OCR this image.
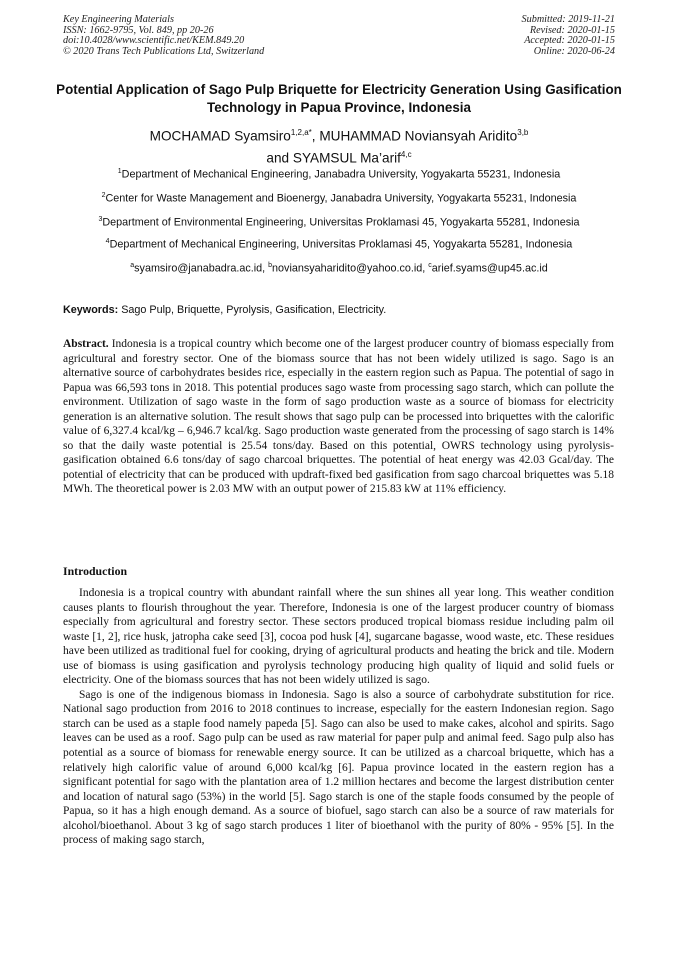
Key Engineering Materials
ISSN: 1662-9795, Vol. 849, pp 20-26
doi:10.4028/www.scientific.net/KEM.849.20
© 2020 Trans Tech Publications Ltd, Switzerland
Submitted: 2019-11-21
Revised: 2020-01-15
Accepted: 2020-01-15
Online: 2020-06-24
Potential Application of Sago Pulp Briquette for Electricity Generation Using Gasification Technology in Papua Province, Indonesia
MOCHAMAD Syamsiro$^{1,2,a*}$, MUHAMMAD Noviansyah Aridito$^{3,b}$
and SYAMSUL Ma’arif$^{4,c}$
$^1$Department of Mechanical Engineering, Janabadra University, Yogyakarta 55231, Indonesia
$^2$Center for Waste Management and Bioenergy, Janabadra University, Yogyakarta 55231, Indonesia
$^3$Department of Environmental Engineering, Universitas Proklamasi 45, Yogyakarta 55281, Indonesia
$^4$Department of Mechanical Engineering, Universitas Proklamasi 45, Yogyakarta 55281, Indonesia
$^a$syamsiro@janabadra.ac.id, $^b$noviansyaharidito@yahoo.co.id, $^c$arief.syams@up45.ac.id
Keywords: Sago Pulp, Briquette, Pyrolysis, Gasification, Electricity.
Abstract. Indonesia is a tropical country which become one of the largest producer country of biomass especially from agricultural and forestry sector. One of the biomass source that has not been widely utilized is sago. Sago is an alternative source of carbohydrates besides rice, especially in the eastern region such as Papua. The potential of sago in Papua was 66,593 tons in 2018. This potential produces sago waste from processing sago starch, which can pollute the environment. Utilization of sago waste in the form of sago production waste as a source of biomass for electricity generation is an alternative solution. The result shows that sago pulp can be processed into briquettes with the calorific value of 6,327.4 kcal/kg – 6,946.7 kcal/kg. Sago production waste generated from the processing of sago starch is 14% so that the daily waste potential is 25.54 tons/day. Based on this potential, OWRS technology using pyrolysis-gasification obtained 6.6 tons/day of sago charcoal briquettes. The potential of heat energy was 42.03 Gcal/day. The potential of electricity that can be produced with updraft-fixed bed gasification from sago charcoal briquettes was 5.18 MWh. The theoretical power is 2.03 MW with an output power of 215.83 kW at 11% efficiency.
Introduction

Indonesia is a tropical country with abundant rainfall where the sun shines all year long. This weather condition causes plants to flourish throughout the year. Therefore, Indonesia is one of the largest producer country of biomass especially from agricultural and forestry sector. These sectors produced tropical biomass residue including palm oil waste [1, 2], rice husk, jatropha cake seed [3], cocoa pod husk [4], sugarcane bagasse, wood waste, etc. These residues have been utilized as traditional fuel for cooking, drying of agricultural products and heating the brick and tile. Modern use of biomass is using gasification and pyrolysis technology producing high quality of liquid and solid fuels or electricity. One of the biomass sources that has not been widely utilized is sago.

Sago is one of the indigenous biomass in Indonesia. Sago is also a source of carbohydrate substitution for rice. National sago production from 2016 to 2018 continues to increase, especially for the eastern Indonesian region. Sago starch can be used as a staple food namely papeda [5]. Sago can also be used to make cakes, alcohol and spirits. Sago leaves can be used as a roof. Sago pulp can be used as raw material for paper pulp and animal feed. Sago pulp also has potential as a source of biomass for renewable energy source. It can be utilized as a charcoal briquette, which has a relatively high calorific value of around 6,000 kcal/kg [6]. Papua province located in the eastern region has a significant potential for sago with the plantation area of 1.2 million hectares and become the largest distribution center and location of natural sago (53%) in the world [5]. Sago starch is one of the staple foods consumed by the people of Papua, so it has a high enough demand. As a source of biofuel, sago starch can also be a source of raw materials for alcohol/bioethanol. About 3 kg of sago starch produces 1 liter of bioethanol with the purity of 80% - 95% [5]. In the process of making sago starch,
